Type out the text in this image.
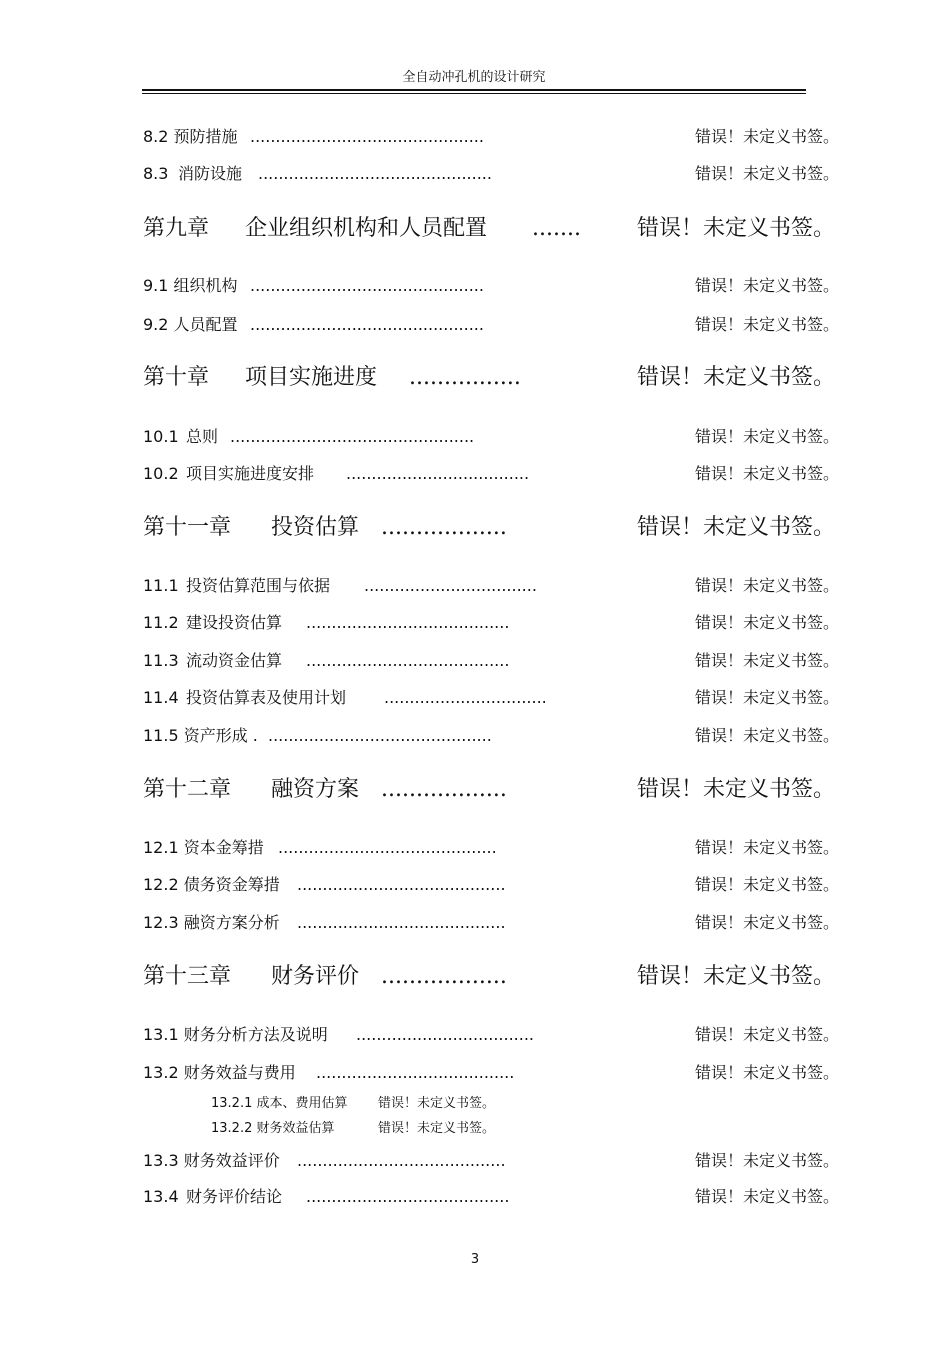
全自动冲孔机的设计研究
8.2 预防措施 ..............................................	错误！未定义书签。
8.3 消防设施 ..............................................	错误！未定义书签。
第九章 企业组织机构和人员配置 .......	错误！未定义书签。
9.1 组织机构 ..............................................	错误！未定义书签。
9.2 人员配置 ..............................................	错误！未定义书签。
第十章 项目实施进度 ................	错误！未定义书签。
10.1 总则 ................................................	错误！未定义书签。
10.2 项目实施进度安排 ....................................	错误！未定义书签。
第十一章 投资估算 ..................	错误！未定义书签。
11.1 投资估算范围与依据 ..................................	错误！未定义书签。
11.2 建设投资估算 ........................................	错误！未定义书签。
11.3 流动资金估算 ........................................	错误！未定义书签。
11.4 投资估算表及使用计划 ................................	错误！未定义书签。
11.5 资产形成 . ............................................	错误！未定义书签。
第十二章 融资方案 ..................	错误！未定义书签。
12.1 资本金筹措 ...........................................	错误！未定义书签。
12.2 债务资金筹措 .........................................	错误！未定义书签。
12.3 融资方案分析 .........................................	错误！未定义书签。
第十三章 财务评价 ..................	错误！未定义书签。
13.1 财务分析方法及说明 ...................................	错误！未定义书签。
13.2 财务效益与费用 .......................................	错误！未定义书签。
13.2.1 成本、费用估算 错误！未定义书签。
13.2.2 财务效益估算	错误！未定义书签。
13.3 财务效益评价 .........................................	错误！未定义书签。
13.4 财务评价结论 ........................................	错误！未定义书签。
3
